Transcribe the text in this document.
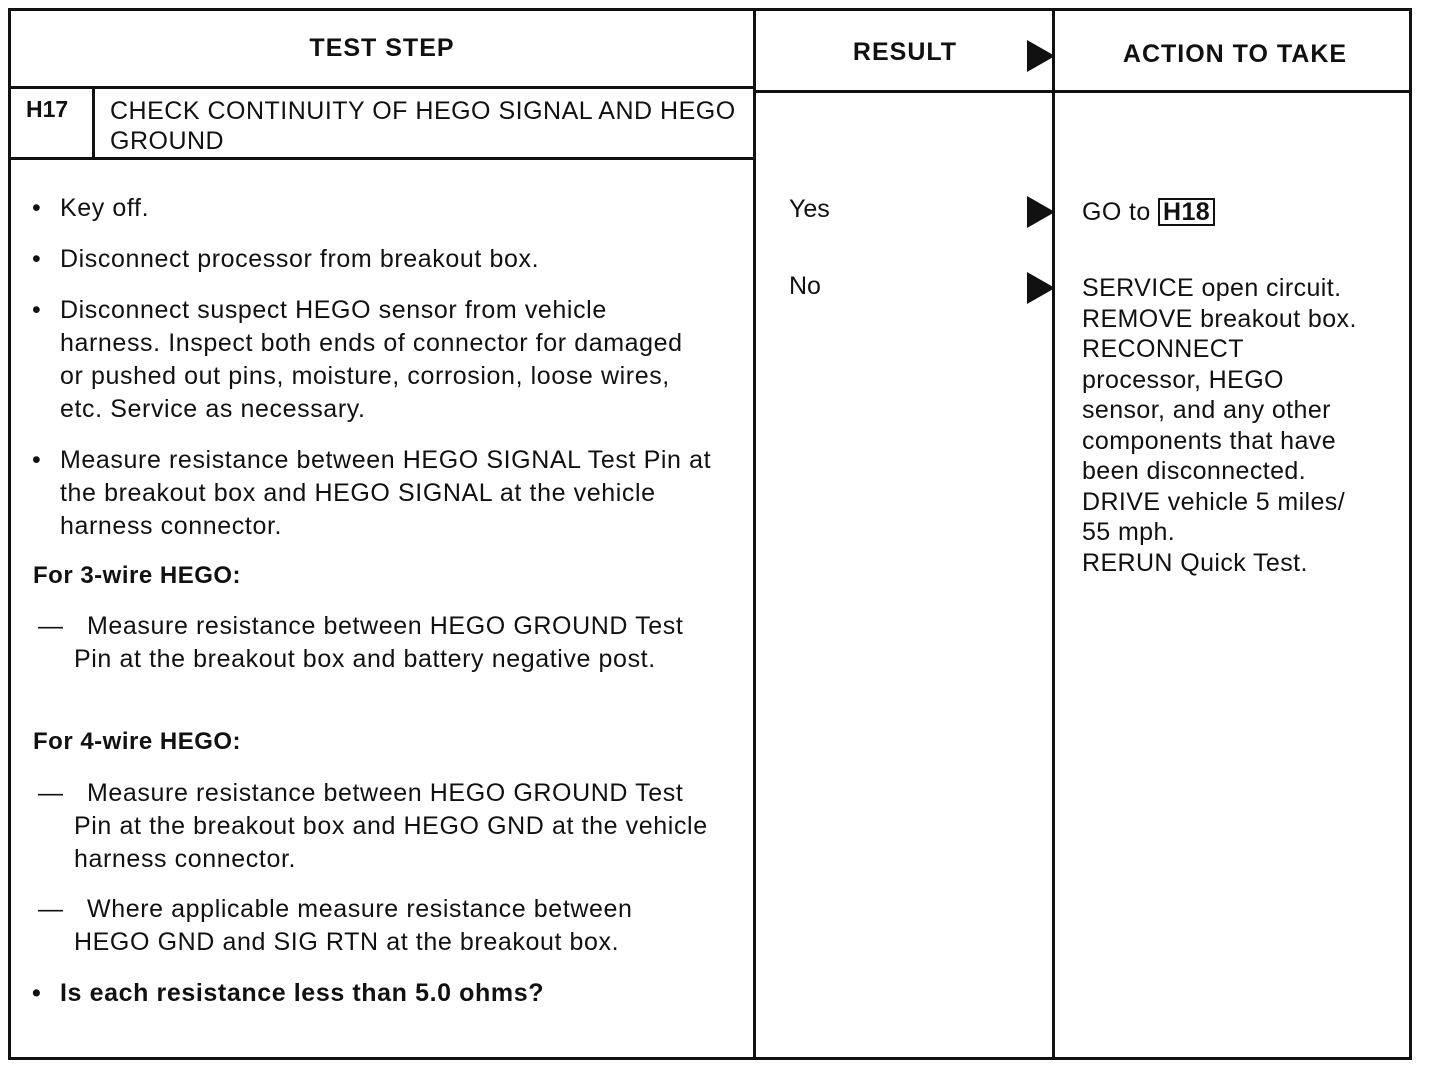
TEST STEP	RESULT	ACTION TO TAKE
H17 CHECK CONTINUITY OF HEGO SIGNAL AND HEGO GROUND
• Key off.
• Disconnect processor from breakout box.
• Disconnect suspect HEGO sensor from vehicle harness. Inspect both ends of connector for damaged or pushed out pins, moisture, corrosion, loose wires, etc. Service as necessary.
• Measure resistance between HEGO SIGNAL Test Pin at the breakout box and HEGO SIGNAL at the vehicle harness connector.
For 3-wire HEGO:
— Measure resistance between HEGO GROUND Test Pin at the breakout box and battery negative post.
For 4-wire HEGO:
— Measure resistance between HEGO GROUND Test Pin at the breakout box and HEGO GND at the vehicle harness connector.
— Where applicable measure resistance between HEGO GND and SIG RTN at the breakout box.
• Is each resistance less than 5.0 ohms?
Yes
No
GO to H18
SERVICE open circuit.
REMOVE breakout box.
RECONNECT
processor, HEGO
sensor, and any other
components that have
been disconnected.
DRIVE vehicle 5 miles/
55 mph.
RERUN Quick Test.
